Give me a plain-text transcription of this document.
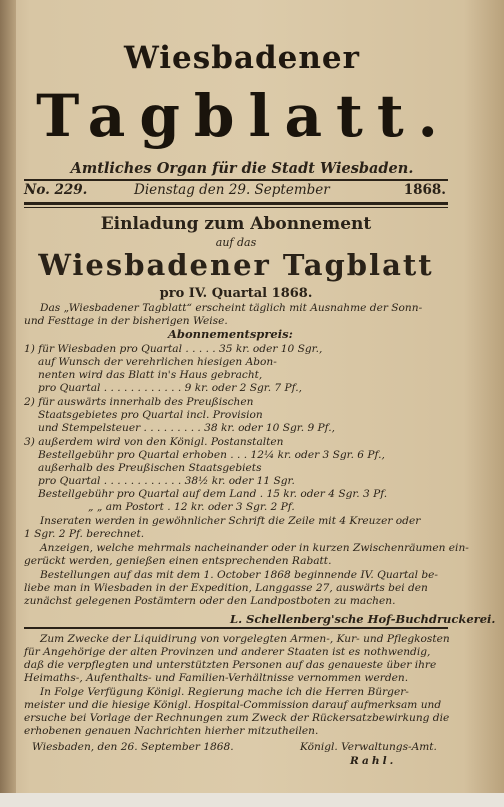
Wiesbadener
Tagblatt.
Amtliches Organ für die Stadt Wiesbaden.
No. 229.	Dienstag den 29. September	1868.
Einladung zum Abonnement
auf das
Wiesbadener Tagblatt
pro IV. Quartal 1868.
Das „Wiesbadener Tagblatt“ erscheint täglich mit Ausnahme der Sonn-
und Festtage in der bisherigen Weise.
Abonnementspreis:
1) für Wiesbaden pro Quartal . . . . . 35 kr. oder 10 Sgr.,
auf Wunsch der verehrlichen hiesigen Abon-
nenten wird das Blatt in's Haus gebracht,
pro Quartal . . . . . . . . . . . . 9 kr. oder 2 Sgr. 7 Pf.,
2) für auswärts innerhalb des Preußischen
Staatsgebietes pro Quartal incl. Provision
und Stempelsteuer . . . . . . . . . 38 kr. oder 10 Sgr. 9 Pf.,
3) außerdem wird von den Königl. Postanstalten
Bestellgebühr pro Quartal erhoben . . . 12¼ kr. oder 3 Sgr. 6 Pf.,
außerhalb des Preußischen Staatsgebiets
pro Quartal . . . . . . . . . . . . 38½ kr. oder 11 Sgr.
Bestellgebühr pro Quartal auf dem Land . 15 kr. oder 4 Sgr. 3 Pf.
„ „ am Postort . 12 kr. oder 3 Sgr. 2 Pf.
Inseraten werden in gewöhnlicher Schrift die Zeile mit 4 Kreuzer oder
1 Sgr. 2 Pf. berechnet.
Anzeigen, welche mehrmals nacheinander oder in kurzen Zwischenräumen ein-
gerückt werden, genießen einen entsprechenden Rabatt.
Bestellungen auf das mit dem 1. October 1868 beginnende IV. Quartal be-
liebe man in Wiesbaden in der Expedition, Langgasse 27, auswärts bei den
zunächst gelegenen Postämtern oder den Landpostboten zu machen.
L. Schellenberg'sche Hof-Buchdruckerei.
Zum Zwecke der Liquidirung von vorgelegten Armen-, Kur- und Pflegkosten
für Angehörige der alten Provinzen und anderer Staaten ist es nothwendig,
daß die verpflegten und unterstützten Personen auf das genaueste über ihre
Heimaths-, Aufenthalts- und Familien-Verhältnisse vernommen werden.
In Folge Verfügung Königl. Regierung mache ich die Herren Bürger-
meister und die hiesige Königl. Hospital-Commission darauf aufmerksam und
ersuche bei Vorlage der Rechnungen zum Zweck der Rückersatzbewirkung die
erhobenen genauen Nachrichten hierher mitzutheilen.
Wiesbaden, den 26. September 1868.	Königl. Verwaltungs-Amt.
Rahl.
